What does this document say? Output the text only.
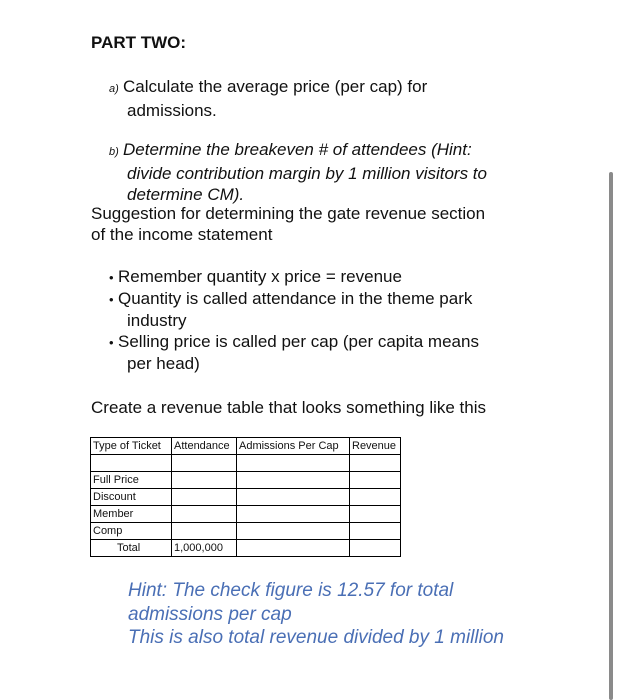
PART TWO:
a) Calculate the average price (per cap) for
admissions.
b) Determine the breakeven # of attendees (Hint:
divide contribution margin by 1 million visitors to
determine CM).
Suggestion for determining the gate revenue section
of the income statement
• Remember quantity x price = revenue
• Quantity is called attendance in the theme park
industry
• Selling price is called per cap (per capita means
per head)
Create a revenue table that looks something like this
Type of Ticket	Attendance	Admissions Per Cap	Revenue

Full Price			
Discount			
Member			
Comp			
Total	1,000,000		
Hint: The check figure is 12.57 for total
admissions per cap
This is also total revenue divided by 1 million
